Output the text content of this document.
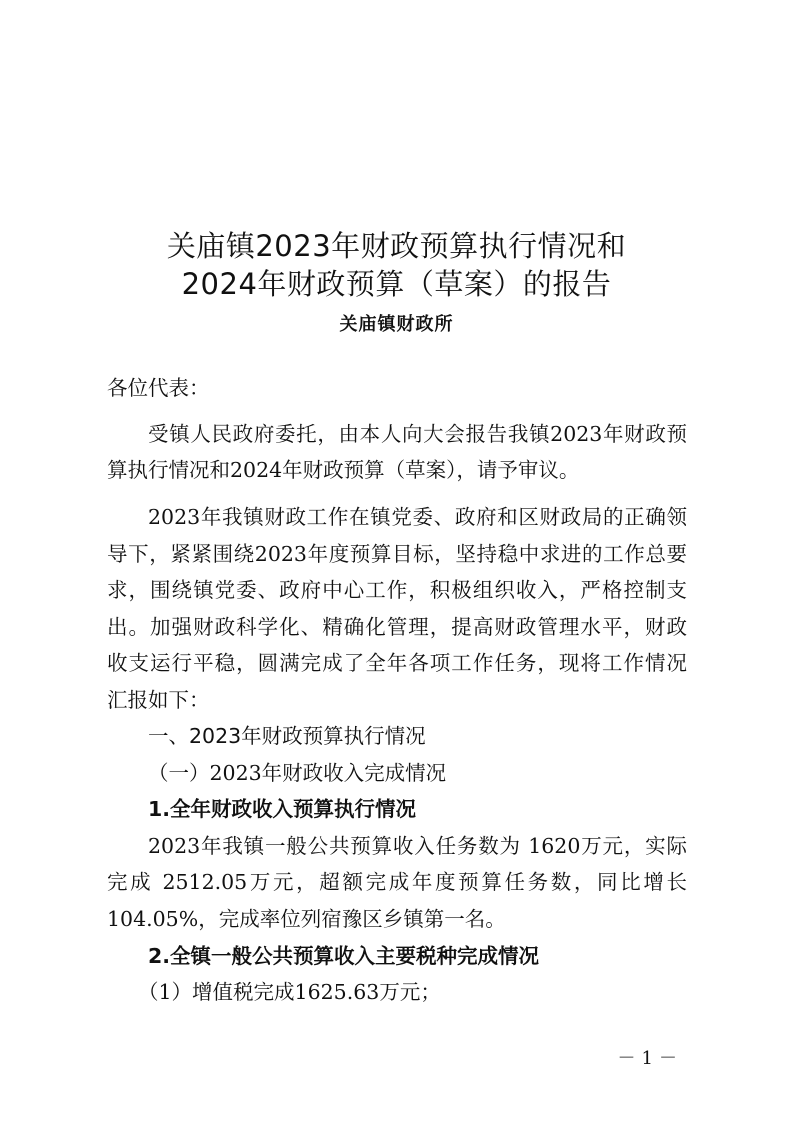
关庙镇2023年财政预算执行情况和
2024年财政预算（草案）的报告
关庙镇财政所
各位代表：
受镇人民政府委托，由本人向大会报告我镇2023年财政预
算执行情况和2024年财政预算（草案），请予审议。
2023年我镇财政工作在镇党委、政府和区财政局的正确领
导下，紧紧围绕2023年度预算目标，坚持稳中求进的工作总要
求，围绕镇党委、政府中心工作，积极组织收入，严格控制支
出。加强财政科学化、精确化管理，提高财政管理水平，财政
收支运行平稳，圆满完成了全年各项工作任务，现将工作情况
汇报如下：
一、2023年财政预算执行情况
（一）2023年财政收入完成情况
1.全年财政收入预算执行情况
2023年我镇一般公共预算收入任务数为 1620万元，实际
完成 2512.05万元，超额完成年度预算任务数，同比增长
104.05%，完成率位列宿豫区乡镇第一名。
2.全镇一般公共预算收入主要税种完成情况
（1）增值税完成1625.63万元；
－1－
